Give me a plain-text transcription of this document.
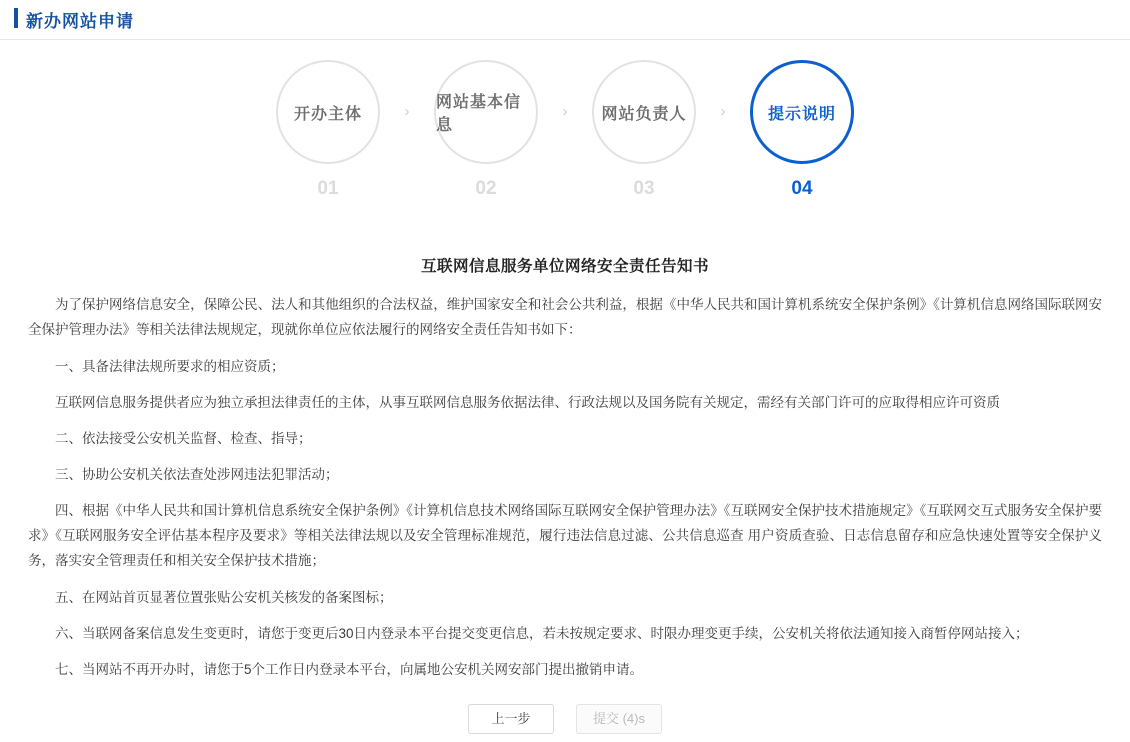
新办网站申请
开办主体
01
›
网站基本信息
02
›	网站负责人
03
›	提示说明
04
互联网信息服务单位网络安全责任告知书

为了保护网络信息安全，保障公民、法人和其他组织的合法权益，维护国家安全和社会公共利益，根据《中华人民共和国计算机系统安全保护条例》《计算机信息网络国际联网安全保护管理办法》等相关法律法规规定，现就你单位应依法履行的网络安全责任告知书如下：

一、具备法律法规所要求的相应资质；

互联网信息服务提供者应为独立承担法律责任的主体，从事互联网信息服务依据法律、行政法规以及国务院有关规定，需经有关部门许可的应取得相应许可资质

二、依法接受公安机关监督、检查、指导；

三、协助公安机关依法查处涉网违法犯罪活动；

四、根据《中华人民共和国计算机信息系统安全保护条例》《计算机信息技术网络国际互联网安全保护管理办法》《互联网安全保护技术措施规定》《互联网交互式服务安全保护要求》《互联网服务安全评估基本程序及要求》等相关法律法规以及安全管理标准规范，履行违法信息过滤、公共信息巡查 用户资质查验、日志信息留存和应急快速处置等安全保护义务，落实安全管理责任和相关安全保护技术措施；

五、在网站首页显著位置张贴公安机关核发的备案图标；

六、当联网备案信息发生变更时，请您于变更后30日内登录本平台提交变更信息，若未按规定要求、时限办理变更手续，公安机关将依法通知接入商暂停网站接入；

七、当网站不再开办时，请您于5个工作日内登录本平台，向属地公安机关网安部门提出撤销申请。

上一步	提交 (4)s
